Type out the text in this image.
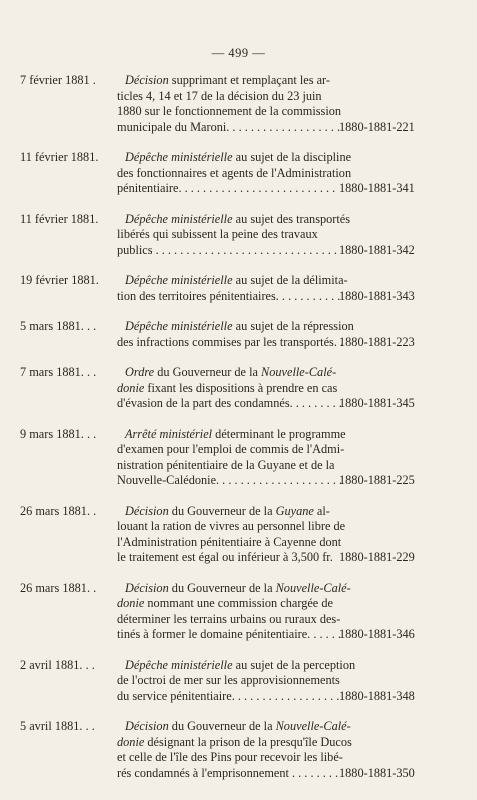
— 499 —
7 février 1881 .	Décision supprimant et remplaçant les ar-
ticles 4, 14 et 17 de la décision du 23 juin
1880 sur le fonctionnement de la commission
municipale du Maroni. . . . . . . . . . . . . . . . . . .
1880-1881-221
11 février 1881.	Dépêche ministérielle au sujet de la discipline
des fonctionnaires et agents de l'Administration
pénitentiaire. . . . . . . . . . . . . . . . . . . . . . . . . . 1880-1881-341
11 février 1881.	Dépêche ministérielle au sujet des transportés
libérés qui subissent la peine des travaux
publics . . . . . . . . . . . . . . . . . . . . . . . . . . . . . . 1880-1881-342
19 février 1881.	Dépêche ministérielle au sujet de la délimita-
tion des territoires pénitentiaires. . . . . . . . . . .
1880-1881-343
5 mars 1881. . .	Dépêche ministérielle au sujet de la répression
des infractions commises par les transportés. .
1880-1881-223
7 mars 1881. . .	Ordre du Gouverneur de la Nouvelle-Calé-
donie fixant les dispositions à prendre en cas
d'évasion de la part des condamnés. . . . . . . . .
1880-1881-345
9 mars 1881. . .	Arrêté ministériel déterminant le programme
d'examen pour l'emploi de commis de l'Admi-
nistration pénitentiaire de la Guyane et de la
Nouvelle-Calédonie. . . . . . . . . . . . . . . . . . . . .
1880-1881-225
26 mars 1881. .	Décision du Gouverneur de la Guyane al-
louant la ration de vivres au personnel libre de
l'Administration pénitentiaire à Cayenne dont
le traitement est égal ou inférieur à 3,500 fr. 1880-1881-229
26 mars 1881. .	Décision du Gouverneur de la Nouvelle-Calé-
donie nommant une commission chargée de
déterminer les terrains urbains ou ruraux des-
tinés à former le domaine pénitentiaire. . . . . .
1880-1881-346
2 avril 1881. . .	Dépêche ministérielle au sujet de la perception
de l'octroi de mer sur les approvisionnements
du service pénitentiaire. . . . . . . . . . . . . . . . . . 1880-1881-348
5 avril 1881. . .	Décision du Gouverneur de la Nouvelle-Calé-
donie désignant la prison de la presqu'île Ducos
et celle de l'île des Pins pour recevoir les libé-
rés condamnés à l'emprisonnement . . . . . . . . 1880-1881-350
